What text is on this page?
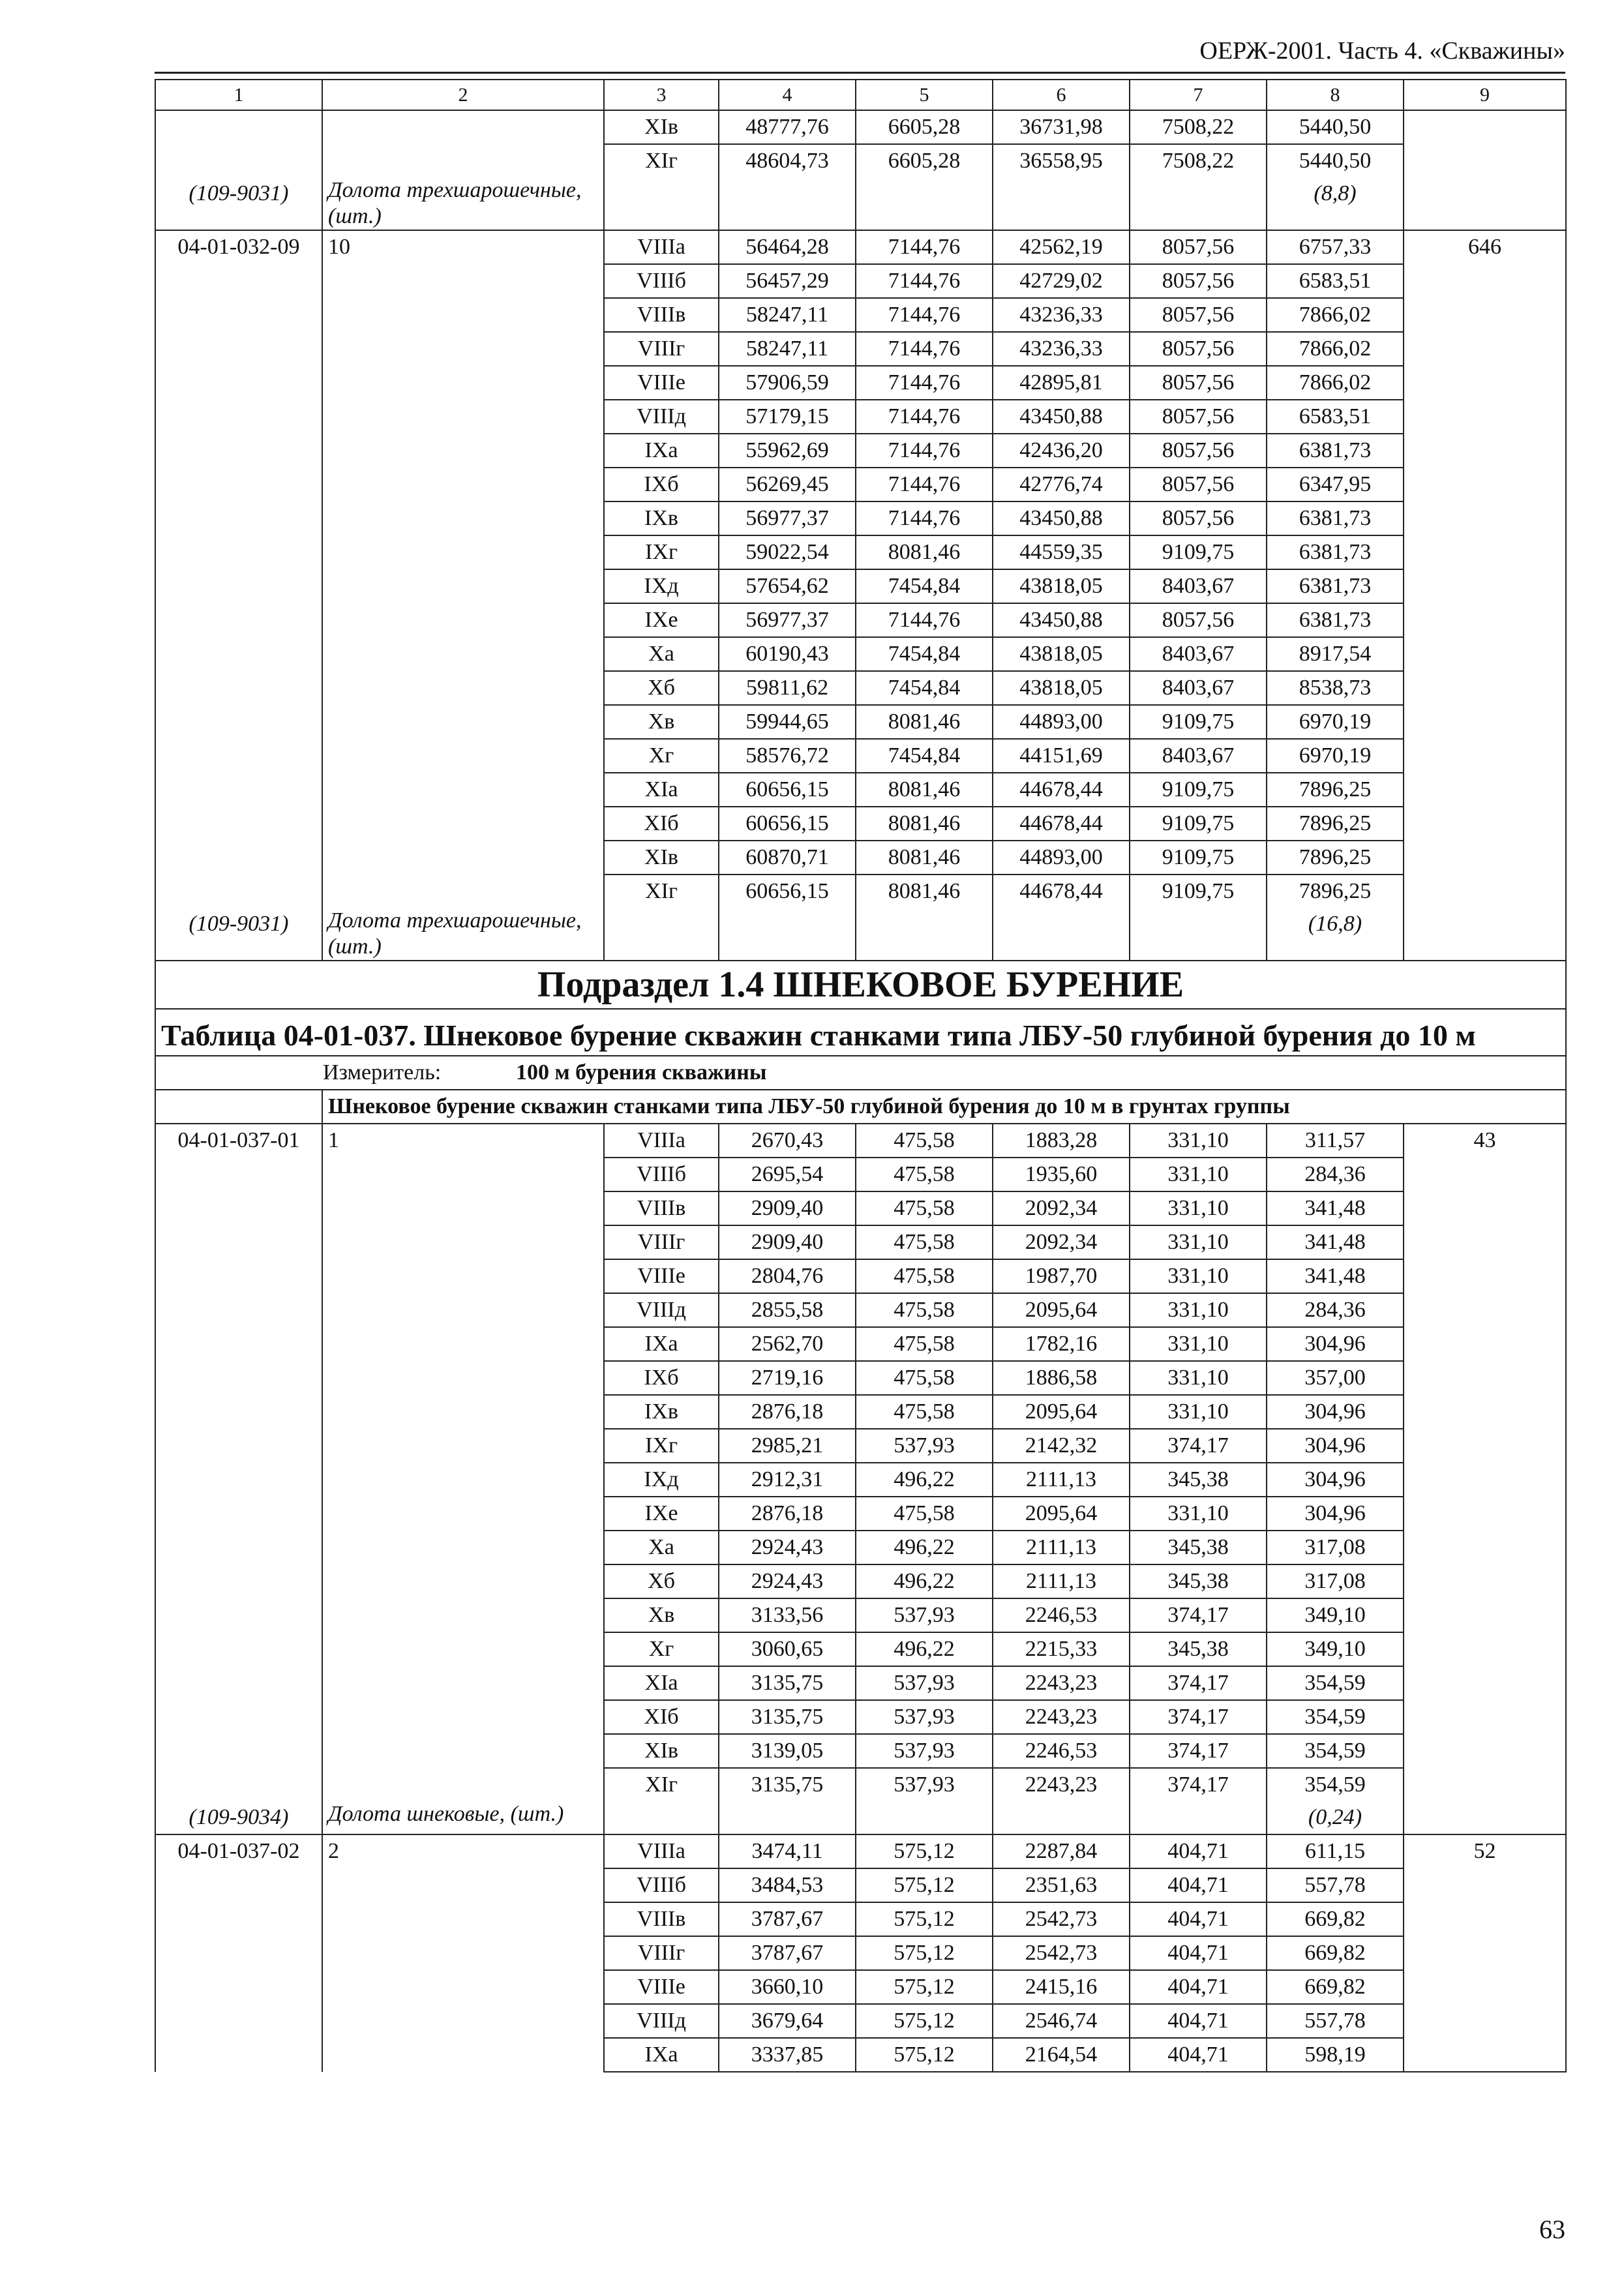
ОЕРЖ-2001. Часть 4. «Скважины»
1	2	3	4	5	6	7	8	9
		XIв	48777,76	6605,28	36731,98	7508,22	5440,50	
		XIг	48604,73	6605,28	36558,95	7508,22	5440,50	
(109-9031)	Долота трехшарошечные, (шт.)						(8,8)	
04-01-032-09	10	VIIIа	56464,28	7144,76	42562,19	8057,56	6757,33	646
		VIIIб	56457,29	7144,76	42729,02	8057,56	6583,51	
		VIIIв	58247,11	7144,76	43236,33	8057,56	7866,02	
		VIIIг	58247,11	7144,76	43236,33	8057,56	7866,02	
		VIIIе	57906,59	7144,76	42895,81	8057,56	7866,02	
		VIIIд	57179,15	7144,76	43450,88	8057,56	6583,51	
		IXа	55962,69	7144,76	42436,20	8057,56	6381,73	
		IXб	56269,45	7144,76	42776,74	8057,56	6347,95	
		IXв	56977,37	7144,76	43450,88	8057,56	6381,73	
		IXг	59022,54	8081,46	44559,35	9109,75	6381,73	
		IXд	57654,62	7454,84	43818,05	8403,67	6381,73	
		IXе	56977,37	7144,76	43450,88	8057,56	6381,73	
		Xа	60190,43	7454,84	43818,05	8403,67	8917,54	
		Xб	59811,62	7454,84	43818,05	8403,67	8538,73	
		Xв	59944,65	8081,46	44893,00	9109,75	6970,19	
		Xг	58576,72	7454,84	44151,69	8403,67	6970,19	
		XIа	60656,15	8081,46	44678,44	9109,75	7896,25	
		XIб	60656,15	8081,46	44678,44	9109,75	7896,25	
		XIв	60870,71	8081,46	44893,00	9109,75	7896,25	
		XIг	60656,15	8081,46	44678,44	9109,75	7896,25	
(109-9031)	Долота трехшарошечные, (шт.)						(16,8)	
Подраздел 1.4 ШНЕКОВОЕ БУРЕНИЕ								
Таблица 04-01-037. Шнековое бурение скважин станками типа ЛБУ-50 глубиной бурения до 10 м								
Измеритель: 100 м бурения скважины								
	Шнековое бурение скважин станками типа ЛБУ-50 глубиной бурения до 10 м в грунтах группы							
04-01-037-01	1	VIIIа	2670,43	475,58	1883,28	331,10	311,57	43
		VIIIб	2695,54	475,58	1935,60	331,10	284,36	
		VIIIв	2909,40	475,58	2092,34	331,10	341,48	
		VIIIг	2909,40	475,58	2092,34	331,10	341,48	
		VIIIе	2804,76	475,58	1987,70	331,10	341,48	
		VIIIд	2855,58	475,58	2095,64	331,10	284,36	
		IXа	2562,70	475,58	1782,16	331,10	304,96	
		IXб	2719,16	475,58	1886,58	331,10	357,00	
		IXв	2876,18	475,58	2095,64	331,10	304,96	
		IXг	2985,21	537,93	2142,32	374,17	304,96	
		IXд	2912,31	496,22	2111,13	345,38	304,96	
		IXе	2876,18	475,58	2095,64	331,10	304,96	
		Xа	2924,43	496,22	2111,13	345,38	317,08	
		Xб	2924,43	496,22	2111,13	345,38	317,08	
		Xв	3133,56	537,93	2246,53	374,17	349,10	
		Xг	3060,65	496,22	2215,33	345,38	349,10	
		XIа	3135,75	537,93	2243,23	374,17	354,59	
		XIб	3135,75	537,93	2243,23	374,17	354,59	
		XIв	3139,05	537,93	2246,53	374,17	354,59	
		XIг	3135,75	537,93	2243,23	374,17	354,59	
(109-9034)	Долота шнековые, (шт.)						(0,24)	
04-01-037-02	2	VIIIа	3474,11	575,12	2287,84	404,71	611,15	52
		VIIIб	3484,53	575,12	2351,63	404,71	557,78	
		VIIIв	3787,67	575,12	2542,73	404,71	669,82	
		VIIIг	3787,67	575,12	2542,73	404,71	669,82	
		VIIIе	3660,10	575,12	2415,16	404,71	669,82	
		VIIIд	3679,64	575,12	2546,74	404,71	557,78	
		IXа	3337,85	575,12	2164,54	404,71	598,19	
63
